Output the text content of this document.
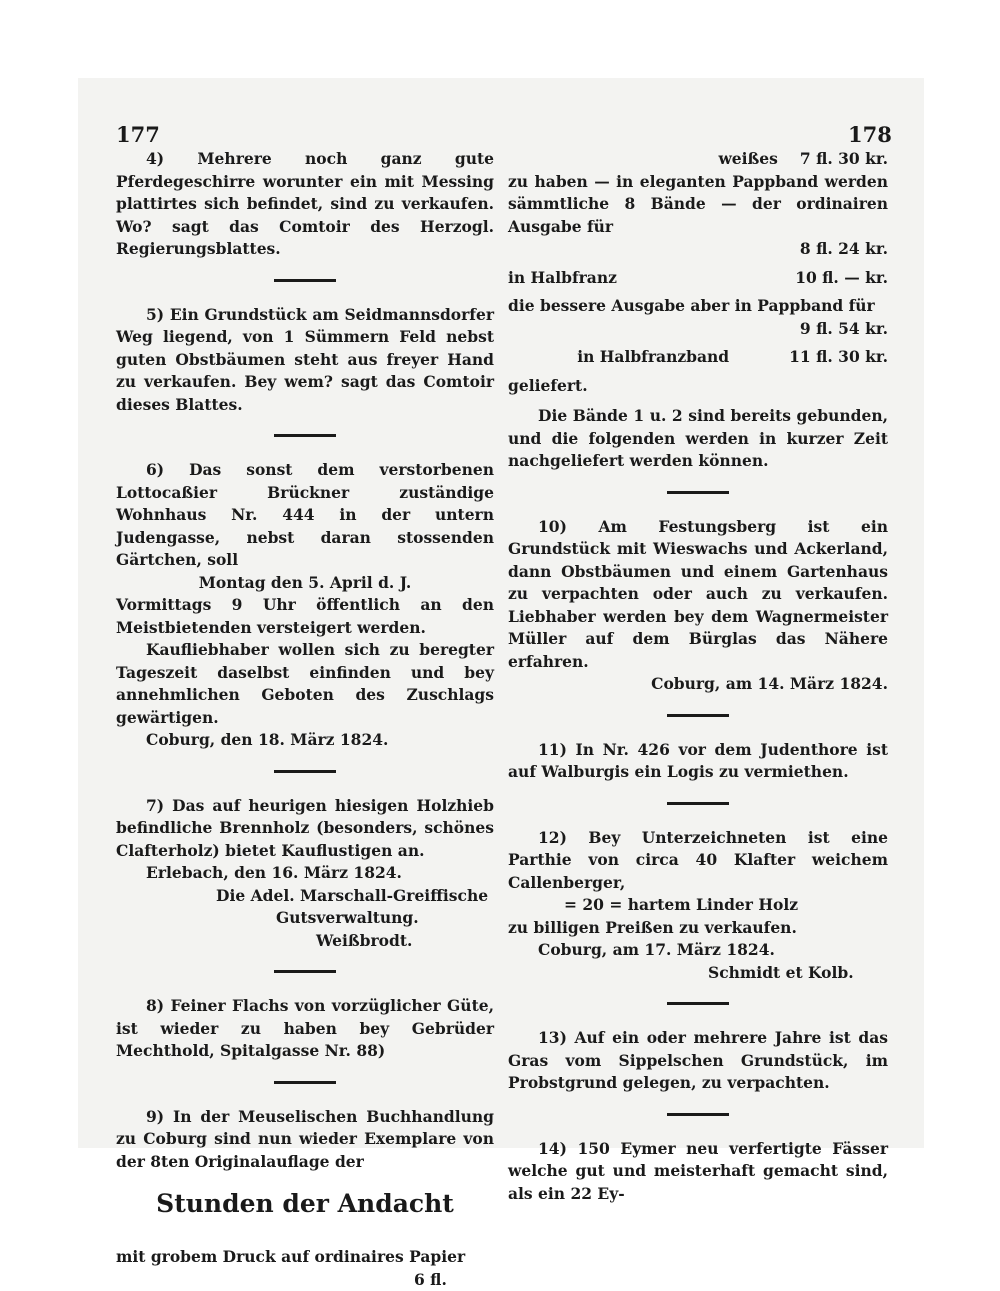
177	178

4) Mehrere noch ganz gute Pferdegeschirre worunter ein mit Messing plattirtes sich befindet, sind zu verkaufen. Wo? sagt das Comtoir des Herzogl. Regierungsblattes.

5) Ein Grundstück am Seidmannsdorfer Weg liegend, von 1 Sümmern Feld nebst guten Obstbäumen steht aus freyer Hand zu verkaufen. Bey wem? sagt das Comtoir dieses Blattes.

6) Das sonst dem verstorbenen Lottocaßier Brückner zuständige Wohnhaus Nr. 444 in der untern Judengasse, nebst daran stossenden Gärtchen, soll

Montag den 5. April d. J.

Vormittags 9 Uhr öffentlich an den Meistbietenden versteigert werden.

Kaufliebhaber wollen sich zu beregter Tageszeit daselbst einfinden und bey annehmlichen Geboten des Zuschlags gewärtigen.

Coburg, den 18. März 1824.

7) Das auf heurigen hiesigen Holzhieb befindliche Brennholz (besonders, schönes Clafterholz) bietet Kauflustigen an.

Erlebach, den 16. März 1824.

Die Adel. Marschall-Greiffische

Gutsverwaltung.

Weißbrodt.

8) Feiner Flachs von vorzüglicher Güte, ist wieder zu haben bey Gebrüder Mechthold, Spitalgasse Nr. 88)

9) In der Meuselischen Buchhandlung zu Coburg sind nun wieder Exemplare von der 8ten Originalauflage der

Stunden der Andacht

mit grobem Druck auf ordinaires Papier

6 fl.

weißes 7 fl. 30 kr.

zu haben — in eleganten Pappband werden sämmtliche 8 Bände — der ordinairen Ausgabe für

8 fl. 24 kr.

in Halbfranz	10 fl. — kr.

die bessere Ausgabe aber in Pappband für

9 fl. 54 kr.

in Halbfranzband	11 fl. 30 kr.

geliefert.

Die Bände 1 u. 2 sind bereits gebunden, und die folgenden werden in kurzer Zeit nachgeliefert werden können.

10) Am Festungsberg ist ein Grundstück mit Wieswachs und Ackerland, dann Obstbäumen und einem Gartenhaus zu verpachten oder auch zu verkaufen. Liebhaber werden bey dem Wagnermeister Müller auf dem Bürglas das Nähere erfahren.

Coburg, am 14. März 1824.

11) In Nr. 426 vor dem Judenthore ist auf Walburgis ein Logis zu vermiethen.

12) Bey Unterzeichneten ist eine Parthie von circa 40 Klafter weichem Callenberger,

= 20 = hartem Linder Holz

zu billigen Preißen zu verkaufen.

Coburg, am 17. März 1824.

Schmidt et Kolb.

13) Auf ein oder mehrere Jahre ist das Gras vom Sippelschen Grundstück, im Probstgrund gelegen, zu verpachten.

14) 150 Eymer neu verfertigte Fässer welche gut und meisterhaft gemacht sind, als ein 22 Ey-
